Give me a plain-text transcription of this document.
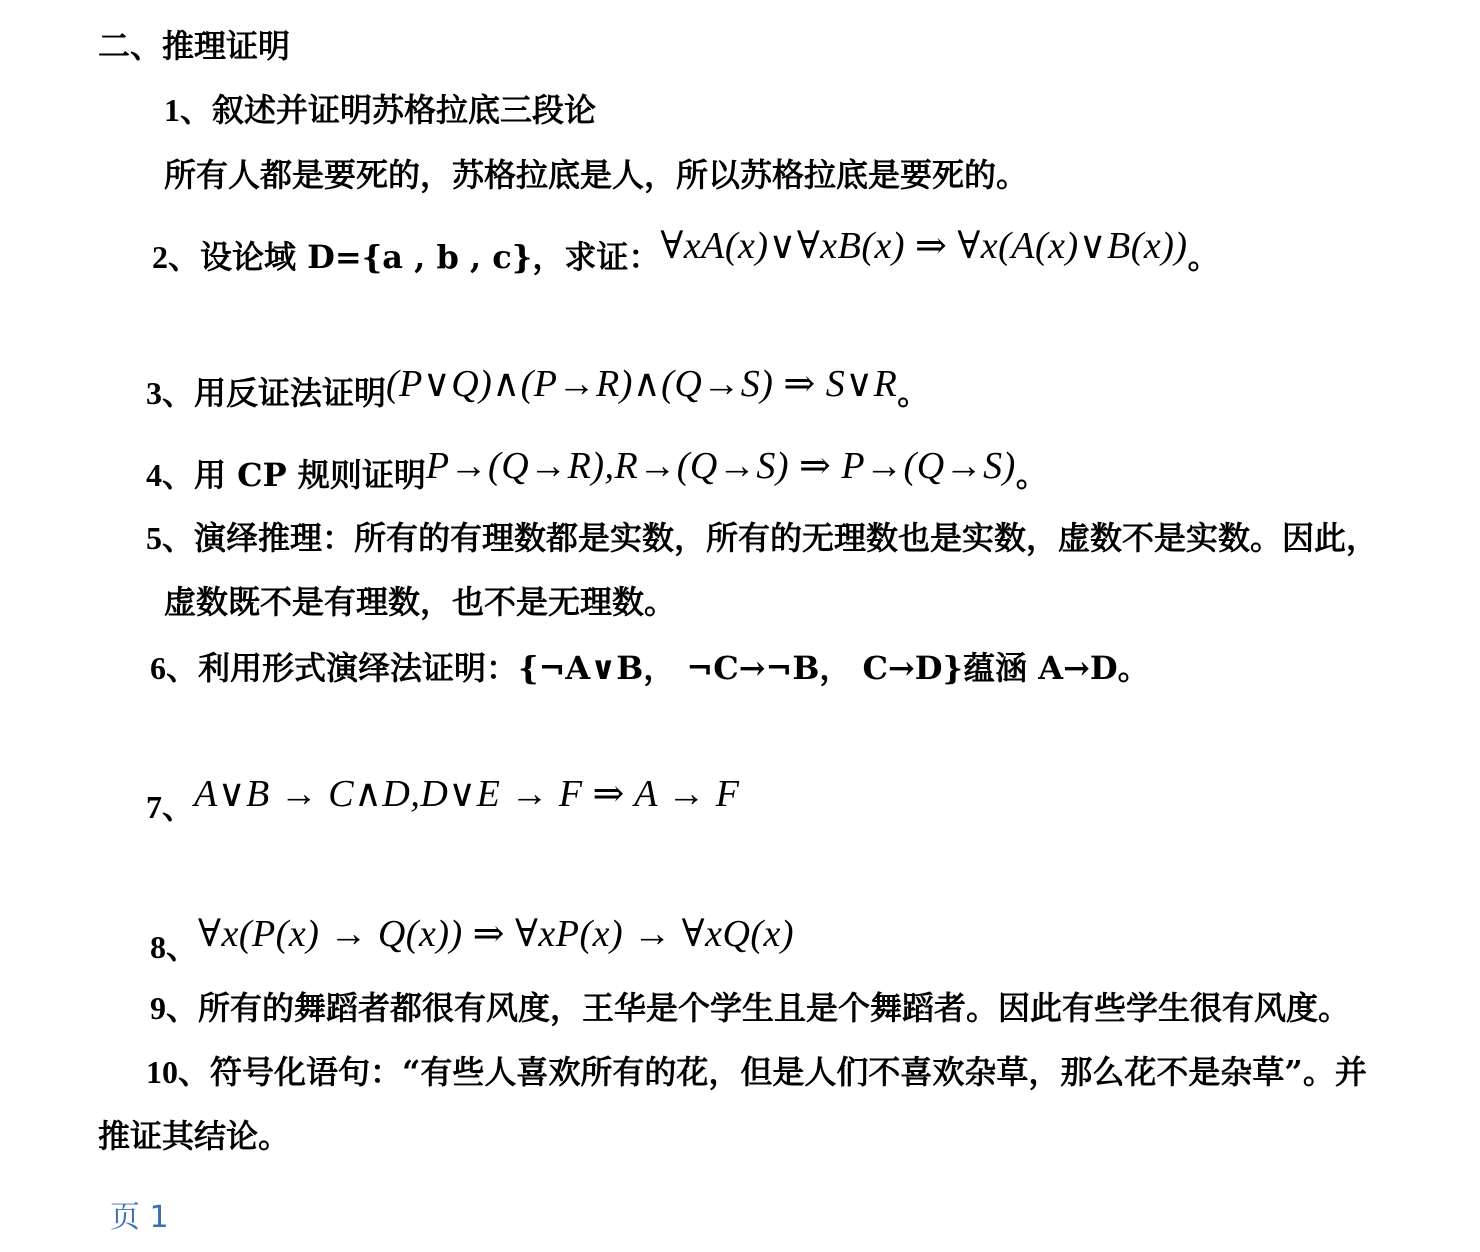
二、推理证明
1、叙述并证明苏格拉底三段论
所有人都是要死的，苏格拉底是人，所以苏格拉底是要死的。
2、设论域 D={a , b , c}，求证：∀xA(x)∨∀xB(x) ⇒ ∀x(A(x)∨B(x))。
3、用反证法证明(P∨Q)∧(P→R)∧(Q→S) ⇒ S∨R。
4、用 CP 规则证明P→(Q→R),R→(Q→S) ⇒ P→(Q→S)。
5、演绎推理：所有的有理数都是实数，所有的无理数也是实数，虚数不是实数。因此，
虚数既不是有理数，也不是无理数。
6、利用形式演绎法证明：{¬A∨B， ¬C→¬B， C→D}蕴涵 A→D。
7、A∨B → C∧D,D∨E → F ⇒ A → F
8、∀x(P(x) → Q(x)) ⇒ ∀xP(x) → ∀xQ(x)
9、所有的舞蹈者都很有风度，王华是个学生且是个舞蹈者。因此有些学生很有风度。
10、符号化语句：“有些人喜欢所有的花，但是人们不喜欢杂草，那么花不是杂草”。并
推证其结论。
页 1
